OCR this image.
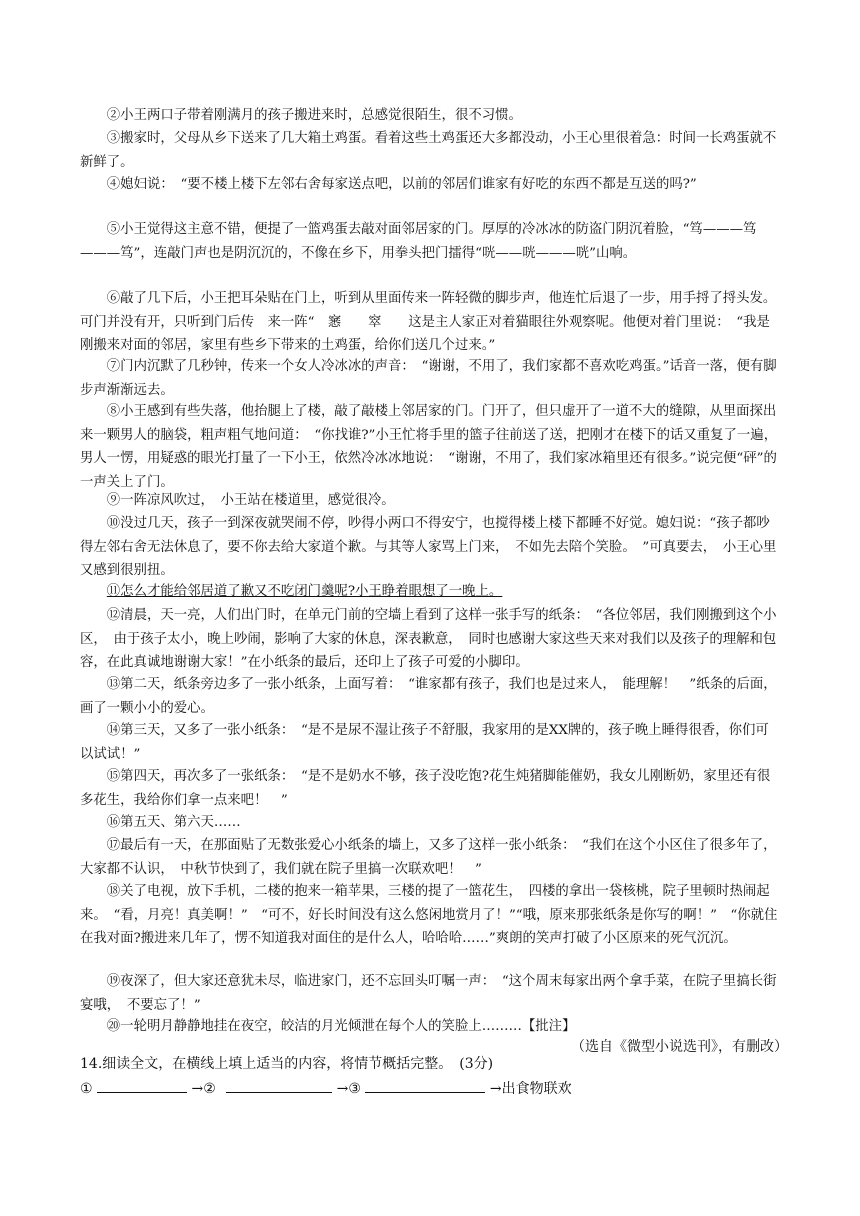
②小王两口子带着刚满月的孩子搬进来时，总感觉很陌生，很不习惯。
③搬家时，父母从乡下送来了几大箱土鸡蛋。看着这些土鸡蛋还大多都没动，小王心里很着急：时间一长鸡蛋就不新鲜了。
④媳妇说：　“要不楼上楼下左邻右舍每家送点吧，以前的邻居们谁家有好吃的东西不都是互送的吗?”
⑤小王觉得这主意不错，便提了一篮鸡蛋去敲对面邻居家的门。厚厚的冷冰冰的防盗门阴沉着脸，“笃———笃———笃”，连敲门声也是阴沉沉的，不像在乡下，用拳头把门擂得“咣——咣———咣”山响。
⑥敲了几下后，小王把耳朵贴在门上，听到从里面传来一阵轻微的脚步声，他连忙后退了一步，用手捋了捋头发。可门并没有开，只听到门后传　来一阵“　窸　　窣　　这是主人家正对着猫眼往外观察呢。他便对着门里说：　“我是刚搬来对面的邻居，家里有些乡下带来的土鸡蛋，给你们送几个过来。”
⑦门内沉默了几秒钟，传来一个女人冷冰冰的声音：　“谢谢，不用了，我们家都不喜欢吃鸡蛋。”话音一落，便有脚步声渐渐远去。
⑧小王感到有些失落，他抬腿上了楼，敲了敲楼上邻居家的门。门开了，但只虚开了一道不大的缝隙，从里面探出来一颗男人的脑袋，粗声粗气地问道：　“你找谁?”小王忙将手里的篮子往前送了送，把刚才在楼下的话又重复了一遍，　男人一愣，用疑惑的眼光打量了一下小王，依然冷冰冰地说：　“谢谢，不用了，我们家冰箱里还有很多。”说完便“砰”的一声关上了门。
⑨一阵凉风吹过，　小王站在楼道里，感觉很冷。
⑩没过几天，孩子一到深夜就哭闹不停，吵得小两口不得安宁，也搅得楼上楼下都睡不好觉。媳妇说：“孩子都吵得左邻右舍无法休息了，要不你去给大家道个歉。与其等人家骂上门来，　不如先去陪个笑脸。　”可真要去，　小王心里又感到很别扭。
⑪怎么才能给邻居道了歉又不吃闭门羹呢?小王睁着眼想了一晚上。
⑫清晨，天一亮，人们出门时，在单元门前的空墙上看到了这样一张手写的纸条：　“各位邻居，我们刚搬到这个小区，　由于孩子太小，晚上吵闹，影响了大家的休息，深表歉意，　同时也感谢大家这些天来对我们以及孩子的理解和包容，在此真诚地谢谢大家！”在小纸条的最后，还印上了孩子可爱的小脚印。
⑬第二天，纸条旁边多了一张小纸条，上面写着：　“谁家都有孩子，我们也是过来人，　能理解！　”纸条的后面，　画了一颗小小的爱心。
⑭第三天，又多了一张小纸条：　“是不是尿不湿让孩子不舒服，我家用的是XX牌的，孩子晚上睡得很香，你们可以试试！”
⑮第四天，再次多了一张纸条：　“是不是奶水不够，孩子没吃饱?花生炖猪脚能催奶，我女儿刚断奶，家里还有很多花生，我给你们拿一点来吧！　”
⑯第五天、第六天……
⑰最后有一天，在那面贴了无数张爱心小纸条的墙上，又多了这样一张小纸条：　“我们在这个小区住了很多年了，　大家都不认识，　中秋节快到了，我们就在院子里搞一次联欢吧！　”
⑱关了电视，放下手机，二楼的抱来一箱苹果，三楼的提了一篮花生，　四楼的拿出一袋核桃，院子里顿时热闹起来。　“看，月亮！真美啊！”　“可不，好长时间没有这么悠闲地赏月了！”“哦，原来那张纸条是你写的啊！”　“你就住在我对面?搬进来几年了，愣不知道我对面住的是什么人，哈哈哈……”爽朗的笑声打破了小区原来的死气沉沉。
⑲夜深了，但大家还意犹未尽，临进家门，还不忘回头叮嘱一声：　“这个周末每家出两个拿手菜，在院子里搞长街宴哦，　不要忘了！”
⑳一轮明月静静地挂在夜空，皎洁的月光倾泄在每个人的笑脸上………【批注】
（选自《微型小说选刊》，有删改）
14.细读全文，在横线上填上适当的内容，将情节概括完整。　(3分)
①	→②	→③	→出食物联欢
